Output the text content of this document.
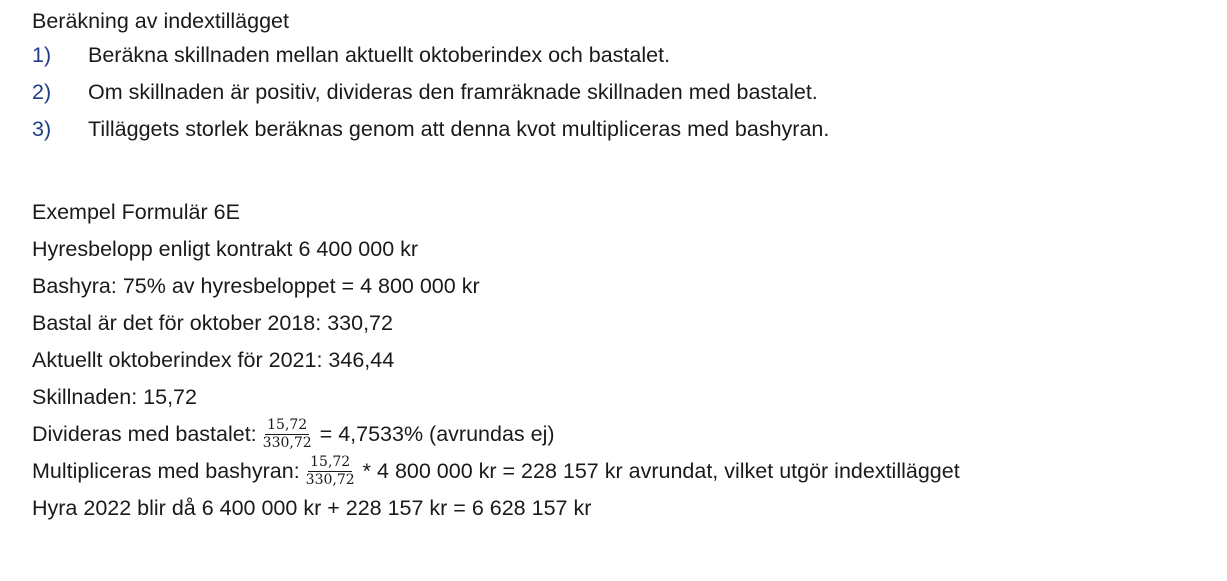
Beräkning av indextillägget
1)	Beräkna skillnaden mellan aktuellt oktoberindex och bastalet.
2)	Om skillnaden är positiv, divideras den framräknade skillnaden med bastalet.
3)	Tilläggets storlek beräknas genom att denna kvot multipliceras med bashyran.
Exempel Formulär 6E
Hyresbelopp enligt kontrakt 6 400 000 kr
Bashyra: 75% av hyresbeloppet = 4 800 000 kr
Bastal är det för oktober 2018: 330,72
Aktuellt oktoberindex för 2021: 346,44
Skillnaden: 15,72
Divideras med bastalet: $\frac{15,72}{330,72} = 4,7533\%$ (avrundas ej)
Multipliceras med bashyran: $\frac{15,72}{330,72} * 4$ 800 000 kr = 228 157 kr avrundat, vilket utgör indextillägget
Hyra 2022 blir då 6 400 000 kr + 228 157 kr = 6 628 157 kr
